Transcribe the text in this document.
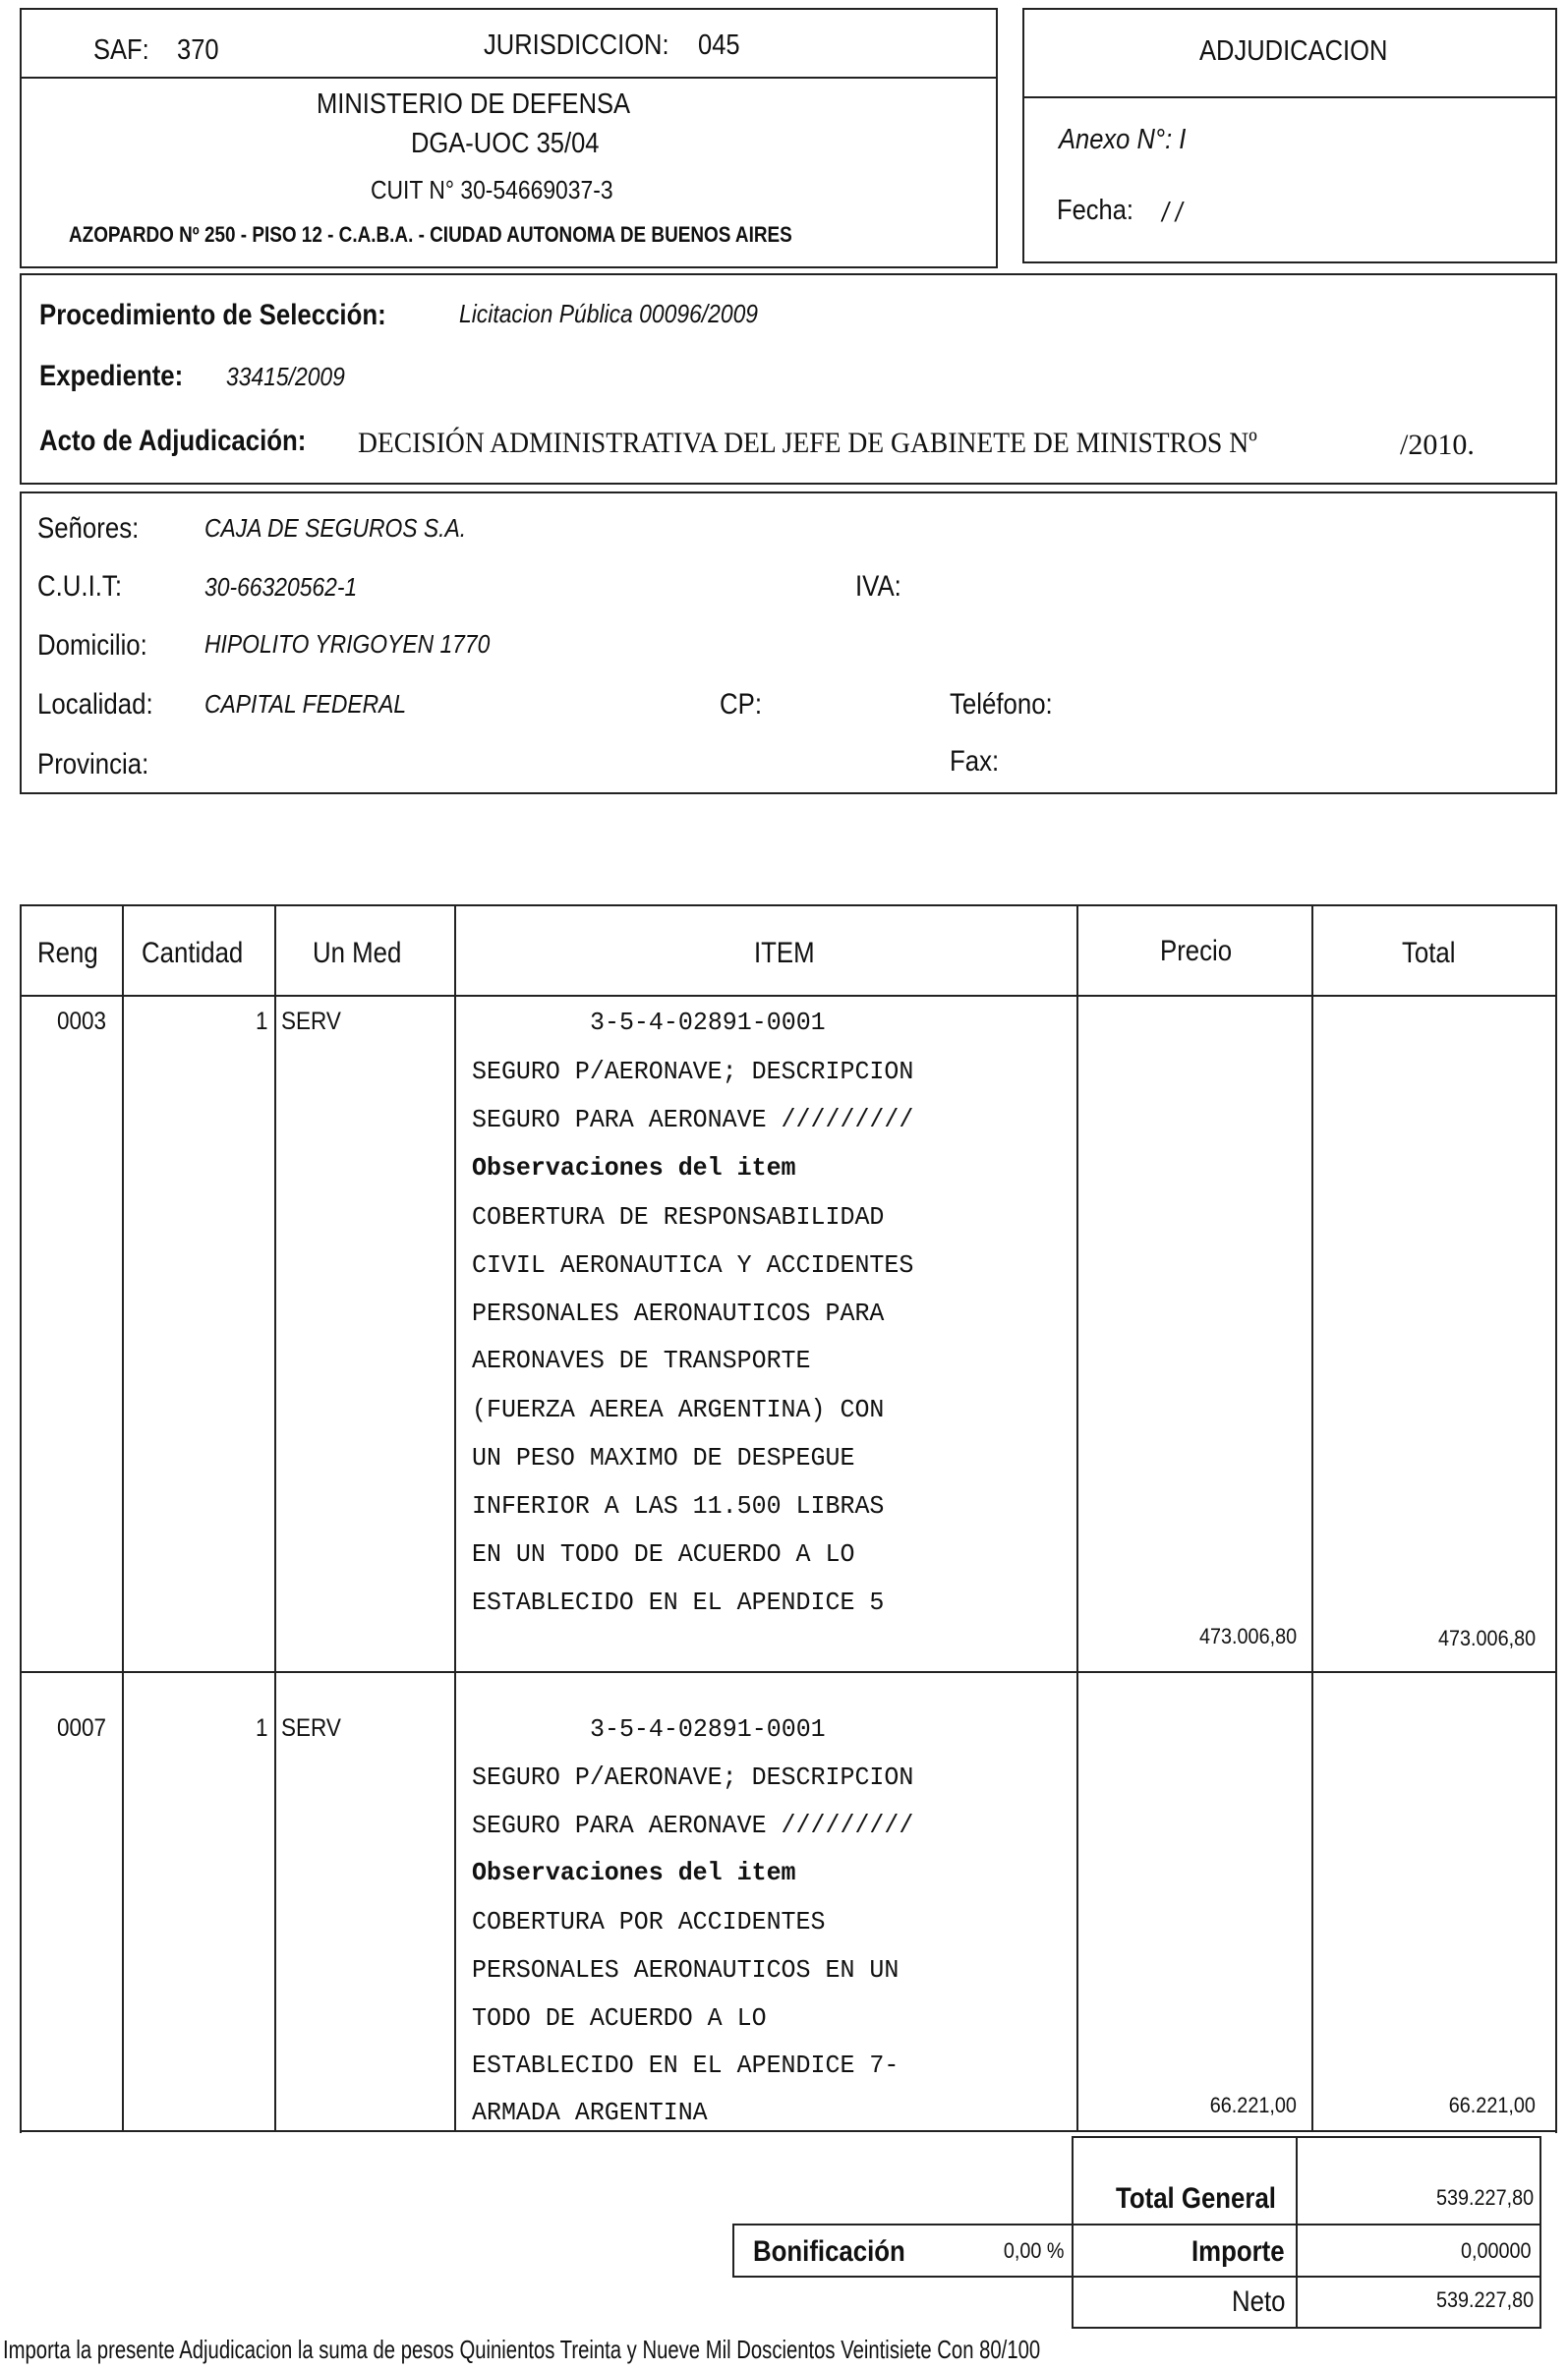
SAF: 370	JURISDICCION: 045
MINISTERIO DE DEFENSA
DGA-UOC 35/04
CUIT N° 30-54669037-3
AZOPARDO Nº 250 - PISO 12 - C.A.B.A. - CIUDAD AUTONOMA DE BUENOS AIRES
ADJUDICACION
Anexo N°: I
Fecha: / /
Procedimiento de Selección:	Licitacion Pública 00096/2009
Expediente: 33415/2009
Acto de Adjudicación: DECISIÓN ADMINISTRATIVA DEL JEFE DE GABINETE DE MINISTROS Nº	/2010.
Señores:	CAJA DE SEGUROS S.A.
C.U.I.T:	30-66320562-1	IVA:
Domicilio: HIPOLITO YRIGOYEN 1770
Localidad: CAPITAL FEDERAL	CP:	Teléfono:
Provincia:	Fax:
Reng Cantidad Un Med	ITEM	Precio	Total
0003	1 SERV	3-5-4-02891-0001
SEGURO P/AERONAVE; DESCRIPCION
SEGURO PARA AERONAVE /////////
Observaciones del item
COBERTURA DE RESPONSABILIDAD
CIVIL AERONAUTICA Y ACCIDENTES
PERSONALES AERONAUTICOS PARA
AERONAVES DE TRANSPORTE
(FUERZA AEREA ARGENTINA) CON
UN PESO MAXIMO DE DESPEGUE
INFERIOR A LAS 11.500 LIBRAS
EN UN TODO DE ACUERDO A LO
ESTABLECIDO EN EL APENDICE 5
473.006,80	473.006,80
0007	1 SERV	3-5-4-02891-0001
SEGURO P/AERONAVE; DESCRIPCION
SEGURO PARA AERONAVE /////////
Observaciones del item
COBERTURA POR ACCIDENTES
PERSONALES AERONAUTICOS EN UN
TODO DE ACUERDO A LO
ESTABLECIDO EN EL APENDICE 7-
ARMADA ARGENTINA	66.221,00	66.221,00
Total General	539.227,80
Bonificación	0,00 %	Importe	0,00000
Neto	539.227,80
Importa la presente Adjudicacion la suma de pesos Quinientos Treinta y Nueve Mil Doscientos Veintisiete Con 80/100
